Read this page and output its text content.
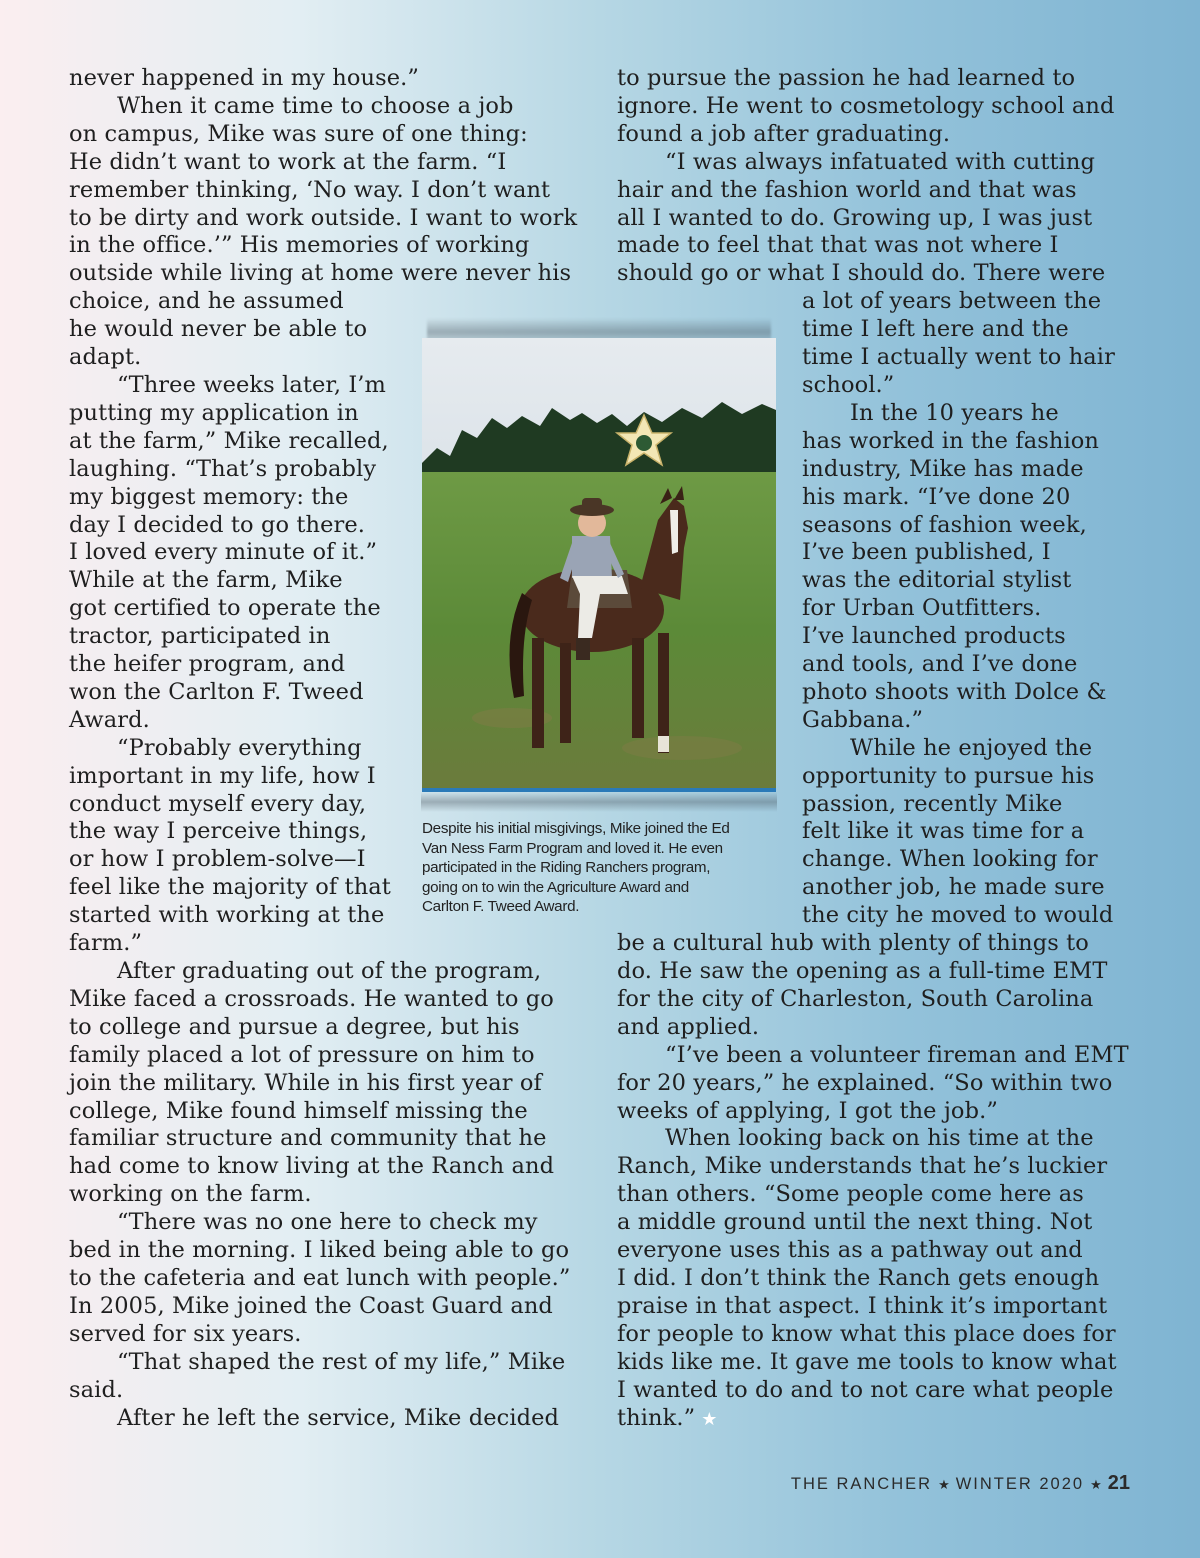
never happened in my house.”
When it came time to choose a job
on campus, Mike was sure of one thing:
He didn’t want to work at the farm. “I
remember thinking, ‘No way. I don’t want
to be dirty and work outside. I want to work
in the office.’” His memories of working
outside while living at home were never his
choice, and he assumed
he would never be able to
adapt.
“Three weeks later, I’m
putting my application in
at the farm,” Mike recalled,
laughing. “That’s probably
my biggest memory: the
day I decided to go there.
I loved every minute of it.”
While at the farm, Mike
got certified to operate the
tractor, participated in
the heifer program, and
won the Carlton F. Tweed
Award.
“Probably everything
important in my life, how I
conduct myself every day,
the way I perceive things,
or how I problem-solve—I
feel like the majority of that
started with working at the
farm.”
After graduating out of the program,
Mike faced a crossroads. He wanted to go
to college and pursue a degree, but his
family placed a lot of pressure on him to
join the military. While in his first year of
college, Mike found himself missing the
familiar structure and community that he
had come to know living at the Ranch and
working on the farm.
“There was no one here to check my
bed in the morning. I liked being able to go
to the cafeteria and eat lunch with people.”
In 2005, Mike joined the Coast Guard and
served for six years.
“That shaped the rest of my life,” Mike
said.
After he left the service, Mike decided
to pursue the passion he had learned to
ignore. He went to cosmetology school and
found a job after graduating.
“I was always infatuated with cutting
hair and the fashion world and that was
all I wanted to do. Growing up, I was just
made to feel that that was not where I
should go or what I should do. There were
a lot of years between the
time I left here and the
time I actually went to hair
school.”
In the 10 years he
has worked in the fashion
industry, Mike has made
his mark. “I’ve done 20
seasons of fashion week,
I’ve been published, I
was the editorial stylist
for Urban Outfitters.
I’ve launched products
and tools, and I’ve done
photo shoots with Dolce &
Gabbana.”
While he enjoyed the
opportunity to pursue his
passion, recently Mike
felt like it was time for a
change. When looking for
another job, he made sure
the city he moved to would
be a cultural hub with plenty of things to
do. He saw the opening as a full-time EMT
for the city of Charleston, South Carolina
and applied.
“I’ve been a volunteer fireman and EMT
for 20 years,” he explained. “So within two
weeks of applying, I got the job.”
When looking back on his time at the
Ranch, Mike understands that he’s luckier
than others. “Some people come here as
a middle ground until the next thing. Not
everyone uses this as a pathway out and
I did. I don’t think the Ranch gets enough
praise in that aspect. I think it’s important
for people to know what this place does for
kids like me. It gave me tools to know what
I wanted to do and to not care what people
think.” ★
Despite his initial misgivings, Mike joined the Ed
Van Ness Farm Program and loved it. He even
participated in the Riding Ranchers program,
going on to win the Agriculture Award and
Carlton F. Tweed Award.
THE RANCHER ★ WINTER 2020 ★ 21
